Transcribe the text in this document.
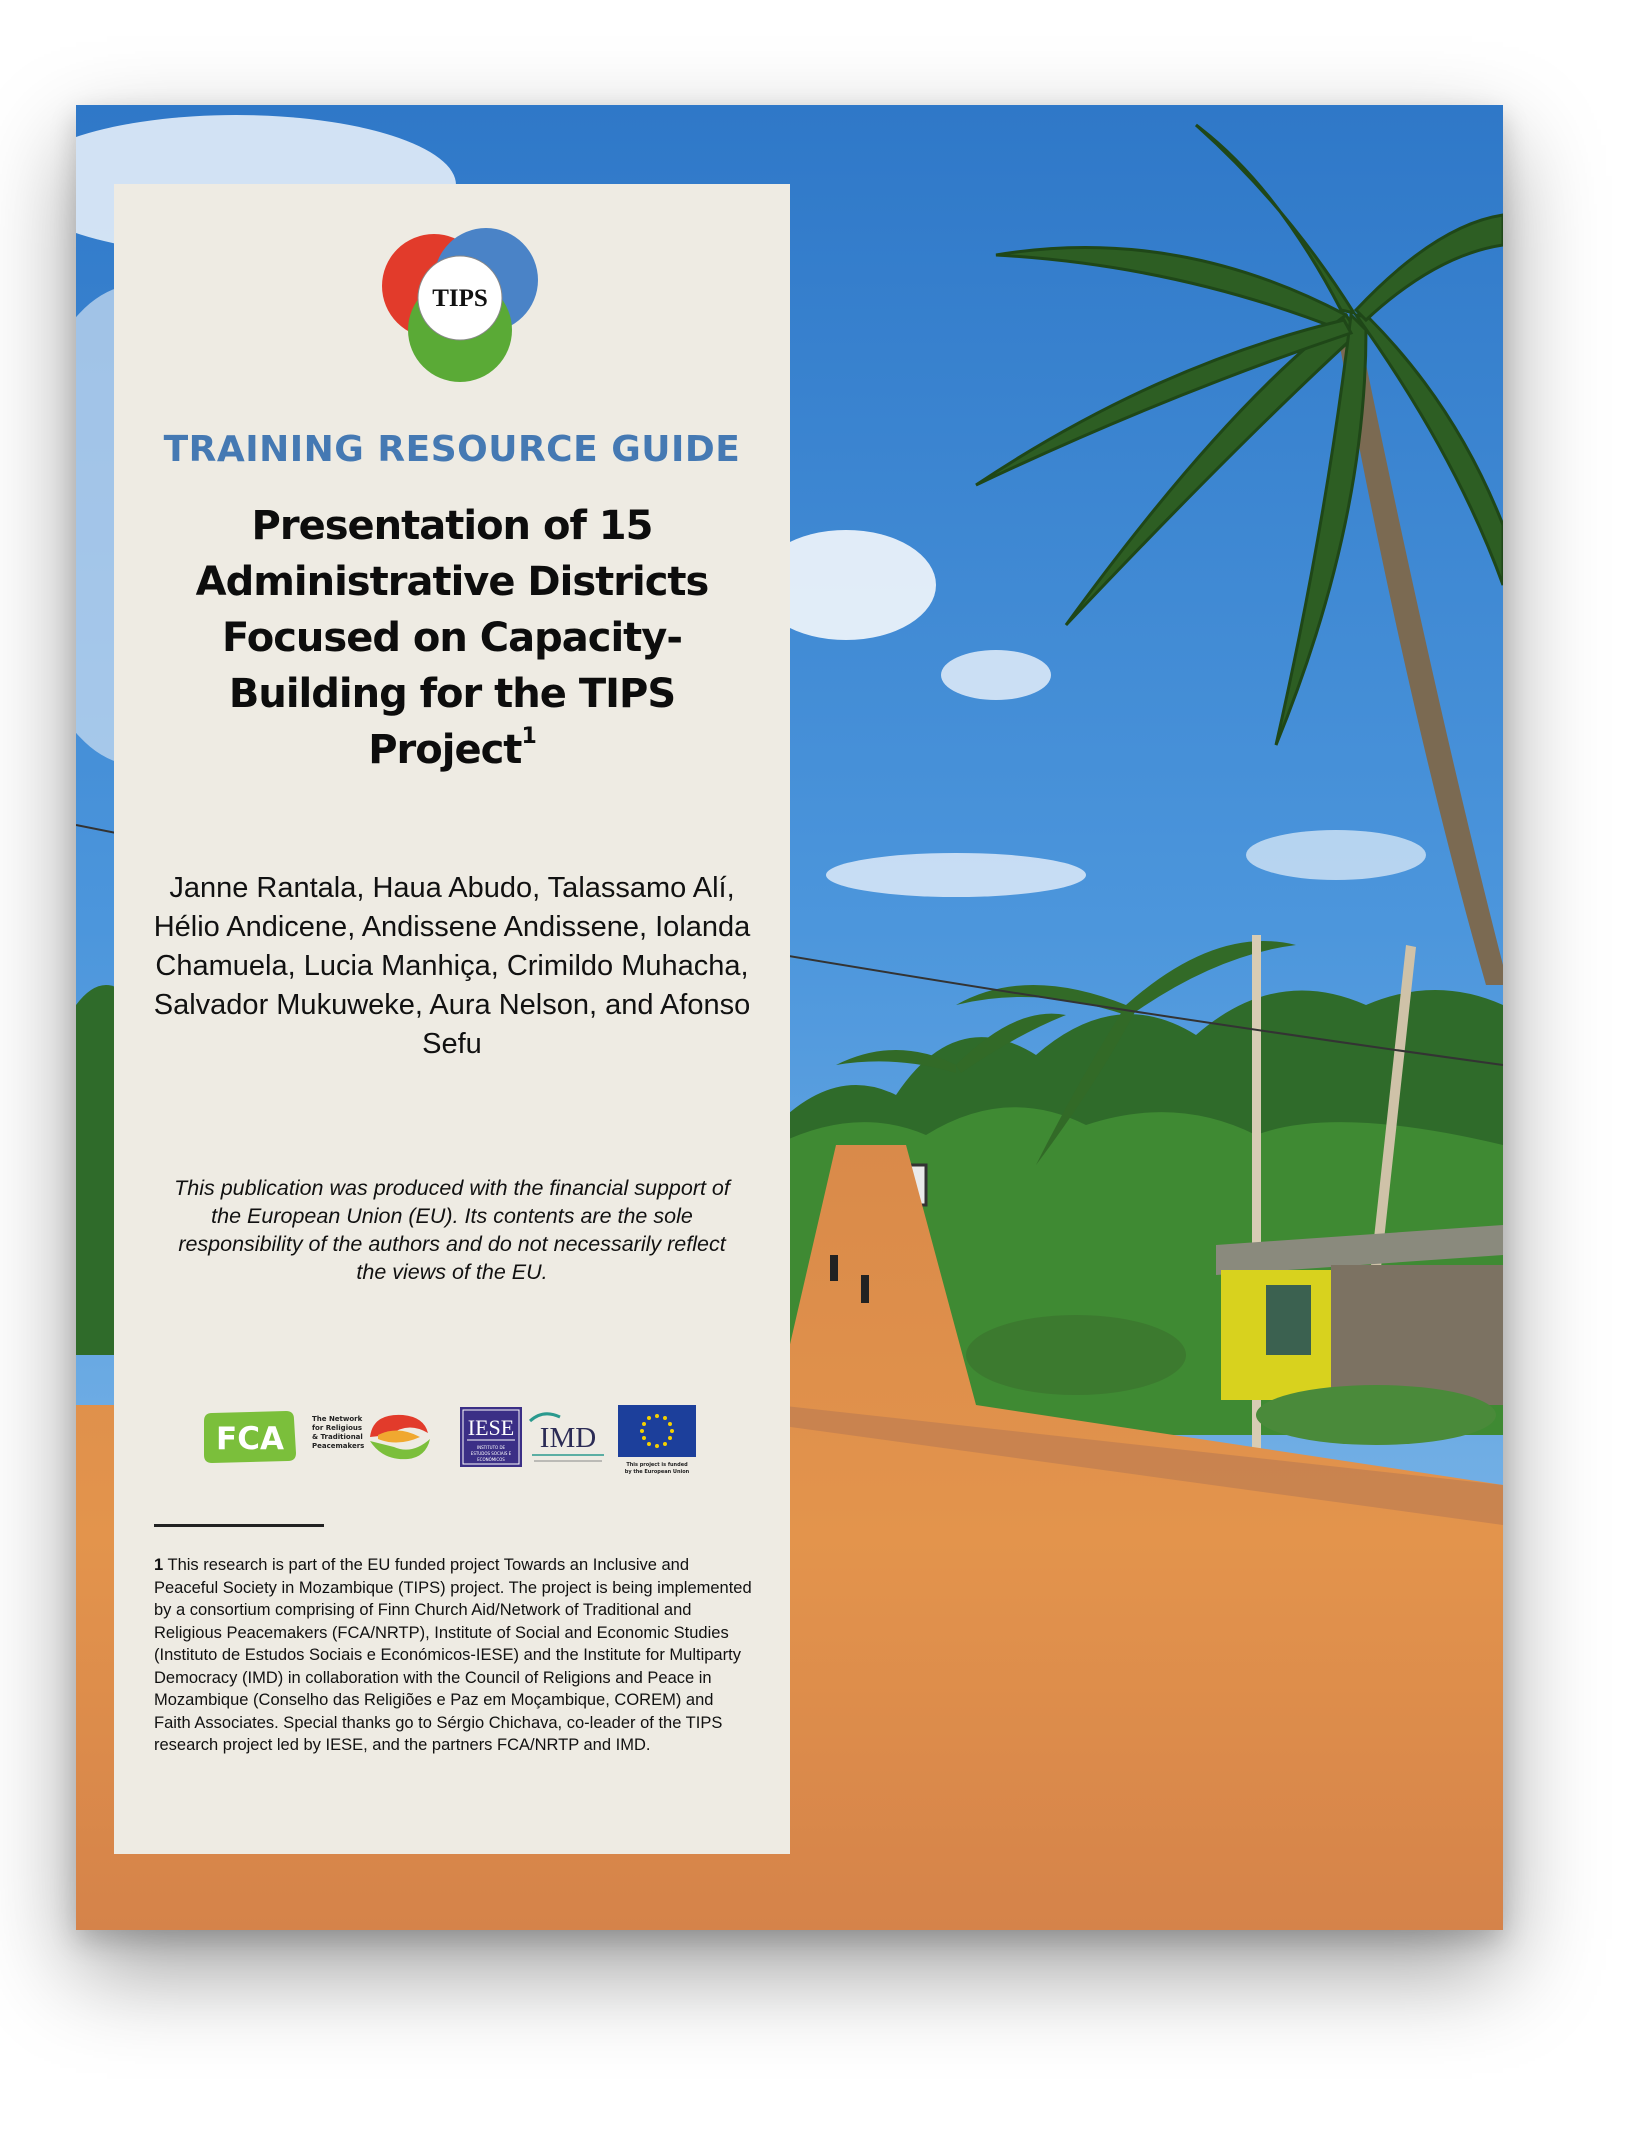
TIPS
TRAINING RESOURCE GUIDE
Presentation of 15 Administrative Districts Focused on Capacity-Building for the TIPS Project$^1$
Janne Rantala, Haua Abudo, Talassamo Alí, Hélio Andicene, Andissene Andissene, Iolanda Chamuela, Lucia Manhiça, Crimildo Muhacha, Salvador Mukuweke, Aura Nelson, and Afonso Sefu
This publication was produced with the financial support of the European Union (EU). Its contents are the sole responsibility of the authors and do not necessarily reflect the views of the EU.
FCA
The Network
for Religious
& Traditional
Peacemakers
IESE
INSTITUTO DE
ESTUDOS SOCIAIS E
ECONÓMICOS
IMD
This project is funded
by the European Union
1 This research is part of the EU funded project Towards an Inclusive and Peaceful Society in Mozambique (TIPS) project. The project is being implemented by a consortium comprising of Finn Church Aid/Network of Traditional and Religious Peacemakers (FCA/NRTP), Institute of Social and Economic Studies (Instituto de Estudos Sociais e Económicos-IESE) and the Institute for Multiparty Democracy (IMD) in collaboration with the Council of Religions and Peace in Mozambique (Conselho das Religiões e Paz em Moçambique, COREM) and Faith Associates. Special thanks go to Sérgio Chichava, co-leader of the TIPS research project led by IESE, and the partners FCA/NRTP and IMD.
